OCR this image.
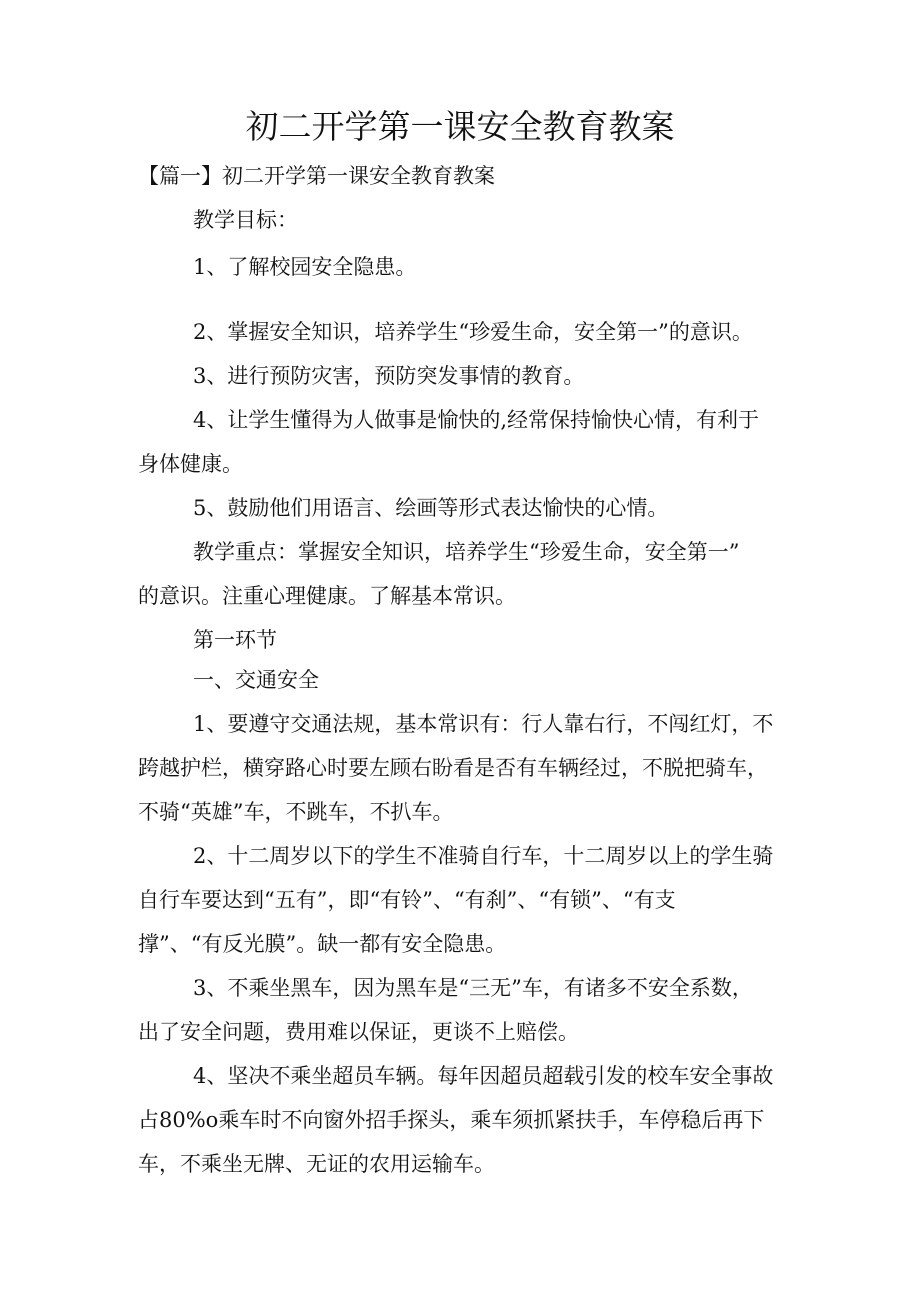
初二开学第一课安全教育教案
【篇一】初二开学第一课安全教育教案
教学目标：
1、了解校园安全隐患。
2、掌握安全知识，培养学生“珍爱生命，安全第一”的意识。
3、进行预防灾害，预防突发事情的教育。
4、让学生懂得为人做事是愉快的,经常保持愉快心情，有利于
身体健康。
5、鼓励他们用语言、绘画等形式表达愉快的心情。
教学重点：掌握安全知识，培养学生“珍爱生命，安全第一”
的意识。注重心理健康。了解基本常识。
第一环节
一、交通安全
1、要遵守交通法规，基本常识有：行人靠右行，不闯红灯，不
跨越护栏，横穿路心时要左顾右盼看是否有车辆经过，不脱把骑车，
不骑“英雄”车，不跳车，不扒车。
2、十二周岁以下的学生不准骑自行车，十二周岁以上的学生骑
自行车要达到“五有”，即“有铃”、“有刹”、“有锁”、“有支
撑”、“有反光膜”。缺一都有安全隐患。
3、不乘坐黑车，因为黑车是“三无”车，有诸多不安全系数，
出了安全问题，费用难以保证，更谈不上赔偿。
4、坚决不乘坐超员车辆。每年因超员超载引发的校车安全事故
占80%o乘车时不向窗外招手探头，乘车须抓紧扶手，车停稳后再下
车，不乘坐无牌、无证的农用运输车。
